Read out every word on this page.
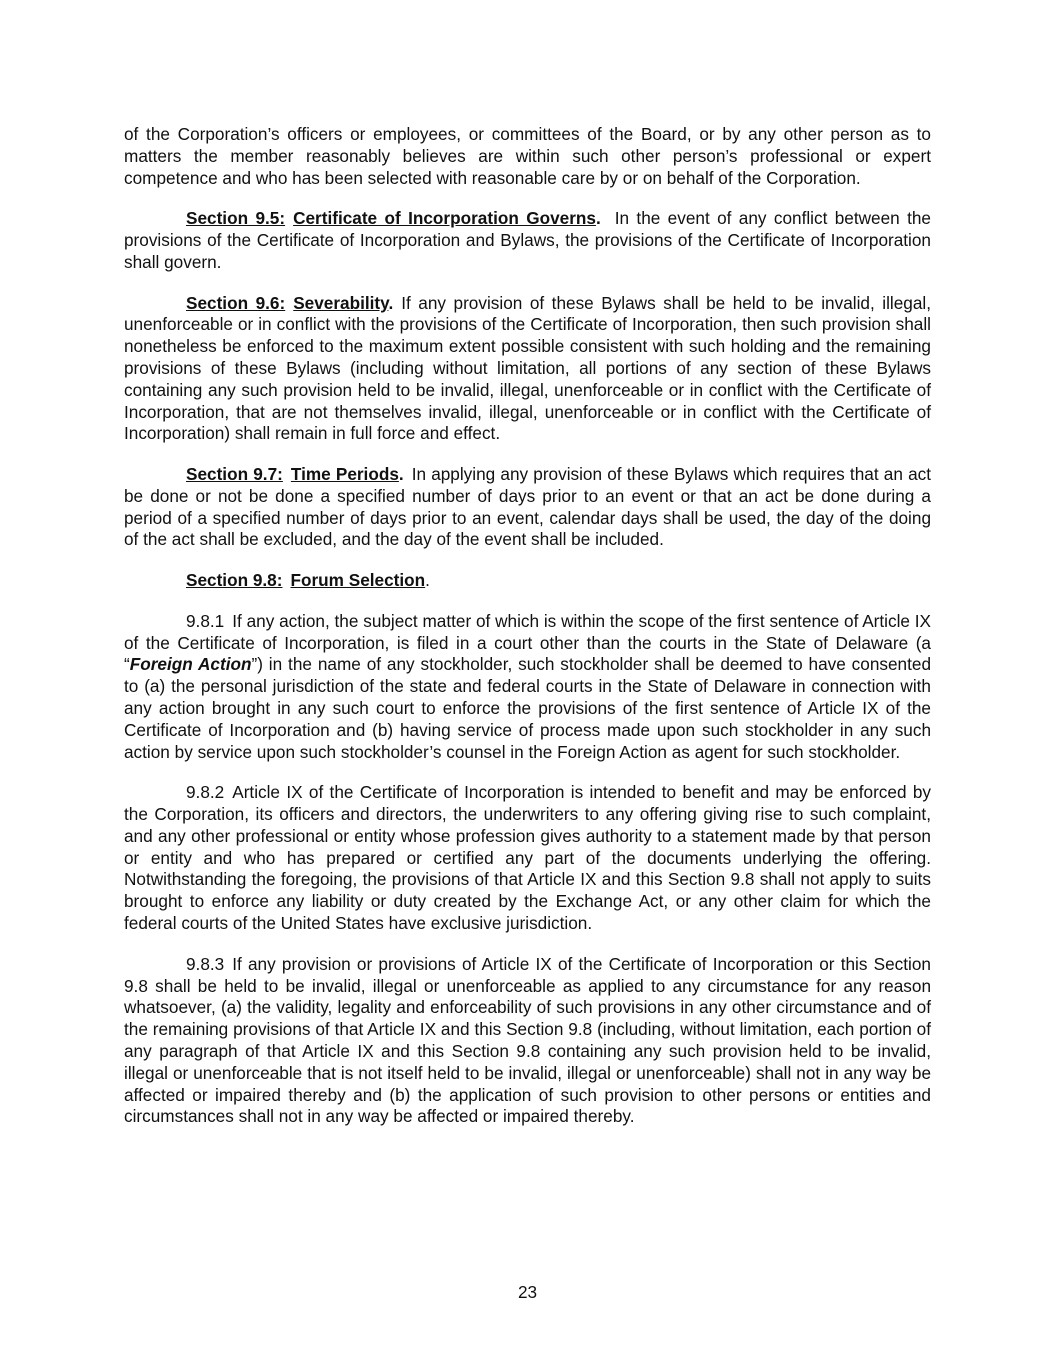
of the Corporation’s officers or employees, or committees of the Board, or by any other person as to matters the member reasonably believes are within such other person’s professional or expert competence and who has been selected with reasonable care by or on behalf of the Corporation.

Section 9.5: Certificate of Incorporation Governs. In the event of any conflict between the provisions of the Certificate of Incorporation and Bylaws, the provisions of the Certificate of Incorporation shall govern.

Section 9.6: Severability. If any provision of these Bylaws shall be held to be invalid, illegal, unenforceable or in conflict with the provisions of the Certificate of Incorporation, then such provision shall nonetheless be enforced to the maximum extent possible consistent with such holding and the remaining provisions of these Bylaws (including without limitation, all portions of any section of these Bylaws containing any such provision held to be invalid, illegal, unenforceable or in conflict with the Certificate of Incorporation, that are not themselves invalid, illegal, unenforceable or in conflict with the Certificate of Incorporation) shall remain in full force and effect.

Section 9.7: Time Periods. In applying any provision of these Bylaws which requires that an act be done or not be done a specified number of days prior to an event or that an act be done during a period of a specified number of days prior to an event, calendar days shall be used, the day of the doing of the act shall be excluded, and the day of the event shall be included.

Section 9.8: Forum Selection.

9.8.1 If any action, the subject matter of which is within the scope of the first sentence of Article IX of the Certificate of Incorporation, is filed in a court other than the courts in the State of Delaware (a “Foreign Action”) in the name of any stockholder, such stockholder shall be deemed to have consented to (a) the personal jurisdiction of the state and federal courts in the State of Delaware in connection with any action brought in any such court to enforce the provisions of the first sentence of Article IX of the Certificate of Incorporation and (b) having service of process made upon such stockholder in any such action by service upon such stockholder’s counsel in the Foreign Action as agent for such stockholder.

9.8.2 Article IX of the Certificate of Incorporation is intended to benefit and may be enforced by the Corporation, its officers and directors, the underwriters to any offering giving rise to such complaint, and any other professional or entity whose profession gives authority to a statement made by that person or entity and who has prepared or certified any part of the documents underlying the offering. Notwithstanding the foregoing, the provisions of that Article IX and this Section 9.8 shall not apply to suits brought to enforce any liability or duty created by the Exchange Act, or any other claim for which the federal courts of the United States have exclusive jurisdiction.

9.8.3 If any provision or provisions of Article IX of the Certificate of Incorporation or this Section 9.8 shall be held to be invalid, illegal or unenforceable as applied to any circumstance for any reason whatsoever, (a) the validity, legality and enforceability of such provisions in any other circumstance and of the remaining provisions of that Article IX and this Section 9.8 (including, without limitation, each portion of any paragraph of that Article IX and this Section 9.8 containing any such provision held to be invalid, illegal or unenforceable that is not itself held to be invalid, illegal or unenforceable) shall not in any way be affected or impaired thereby and (b) the application of such provision to other persons or entities and circumstances shall not in any way be affected or impaired thereby.

23
